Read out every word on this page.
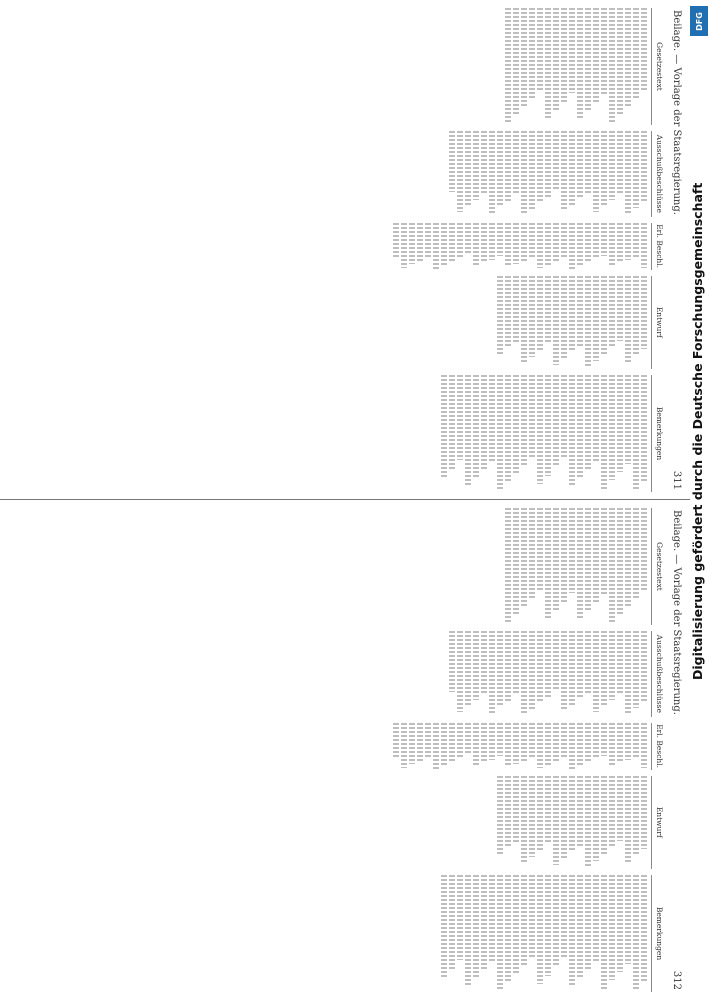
Beilage. — Vorlage der Staatsregierung.
311
Gesetzestext
Ausschußbeschlüsse
Erl. Beschl.
Entwurf
Bemerkungen
Beilage. — Vorlage der Staatsregierung.
312
Gesetzestext
Ausschußbeschlüsse
Erl. Beschl.
Entwurf
Bemerkungen
DFG
Digitalisierung gefördert durch die Deutsche Forschungsgemeinschaft
